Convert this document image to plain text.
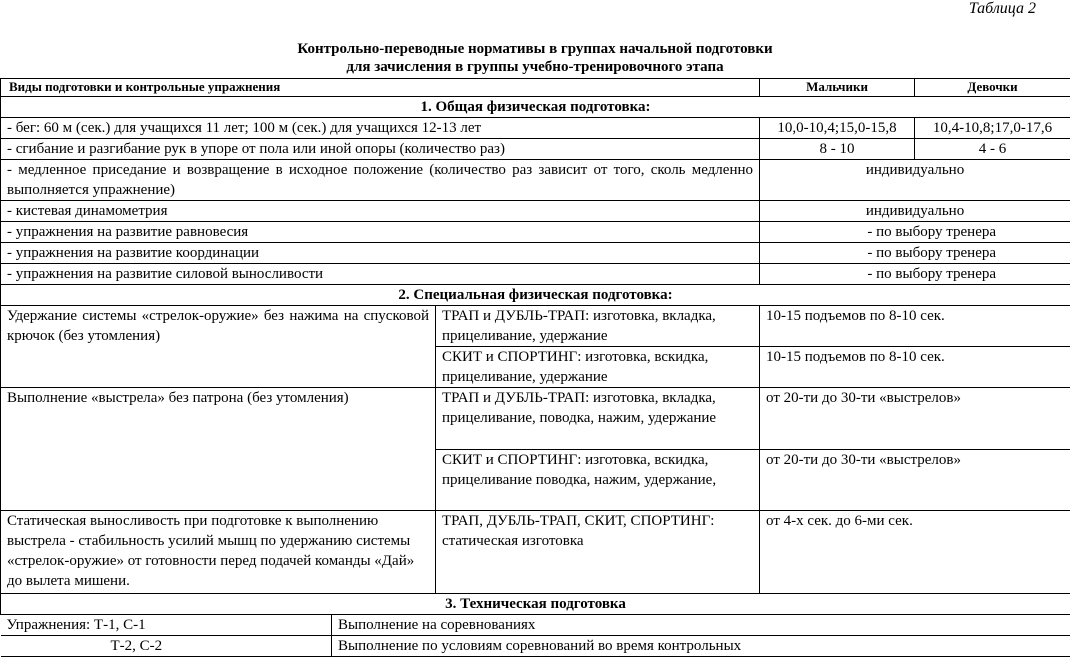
Таблица 2
Контрольно-переводные нормативы в группах начальной подготовки
для зачисления в группы учебно-тренировочного этапа
Виды подготовки и контрольные упражнения			Мальчики	Девочки
1. Общая физическая подготовка:				
- бег: 60 м (сек.) для учащихся 11 лет; 100 м (сек.) для учащихся 12-13 лет			10,0-10,4;15,0-15,8	10,4-10,8;17,0-17,6
- сгибание и разгибание рук в упоре от пола или иной опоры (количество раз)			8 - 10	4 - 6
- медленное приседание и возвращение в исходное положение (количество раз зависит от того, сколь медленно выполняется упражнение)			индивидуально	
- кистевая динамометрия			индивидуально	
- упражнения на развитие равновесия			- по выбору тренера	
- упражнения на развитие координации			- по выбору тренера	
- упражнения на развитие силовой выносливости			- по выбору тренера	
2. Специальная физическая подготовка:				
Удержание системы «стрелок-оружие» без нажима на спусковой крючок (без утомления)		ТРАП и ДУБЛЬ-ТРАП: изготовка, вкладка, прицеливание, удержание	10-15 подъемов по 8-10 сек.	
		СКИТ и СПОРТИНГ: изготовка, вскидка, прицеливание, удержание	10-15 подъемов по 8-10 сек.	
Выполнение «выстрела» без патрона (без утомления)		ТРАП и ДУБЛЬ-ТРАП: изготовка, вкладка, прицеливание, поводка, нажим, удержание	от 20-ти до 30-ти «выстрелов»	
		СКИТ и СПОРТИНГ: изготовка, вскидка, прицеливание поводка, нажим, удержание,	от 20-ти до 30-ти «выстрелов»	
Статическая выносливость при подготовке к выполнению выстрела - стабильность усилий мышц по удержанию системы «стрелок-оружие» от готовности перед подачей команды «Дай» до вылета мишени.		ТРАП, ДУБЛЬ-ТРАП, СКИТ, СПОРТИНГ: статическая изготовка	от 4-х сек. до 6-ми сек.	
3. Техническая подготовка				
Упражнения: Т-1, С-1	Выполнение на соревнованиях			
Т-2, С-2	Выполнение по условиям соревнований во время контрольных			
